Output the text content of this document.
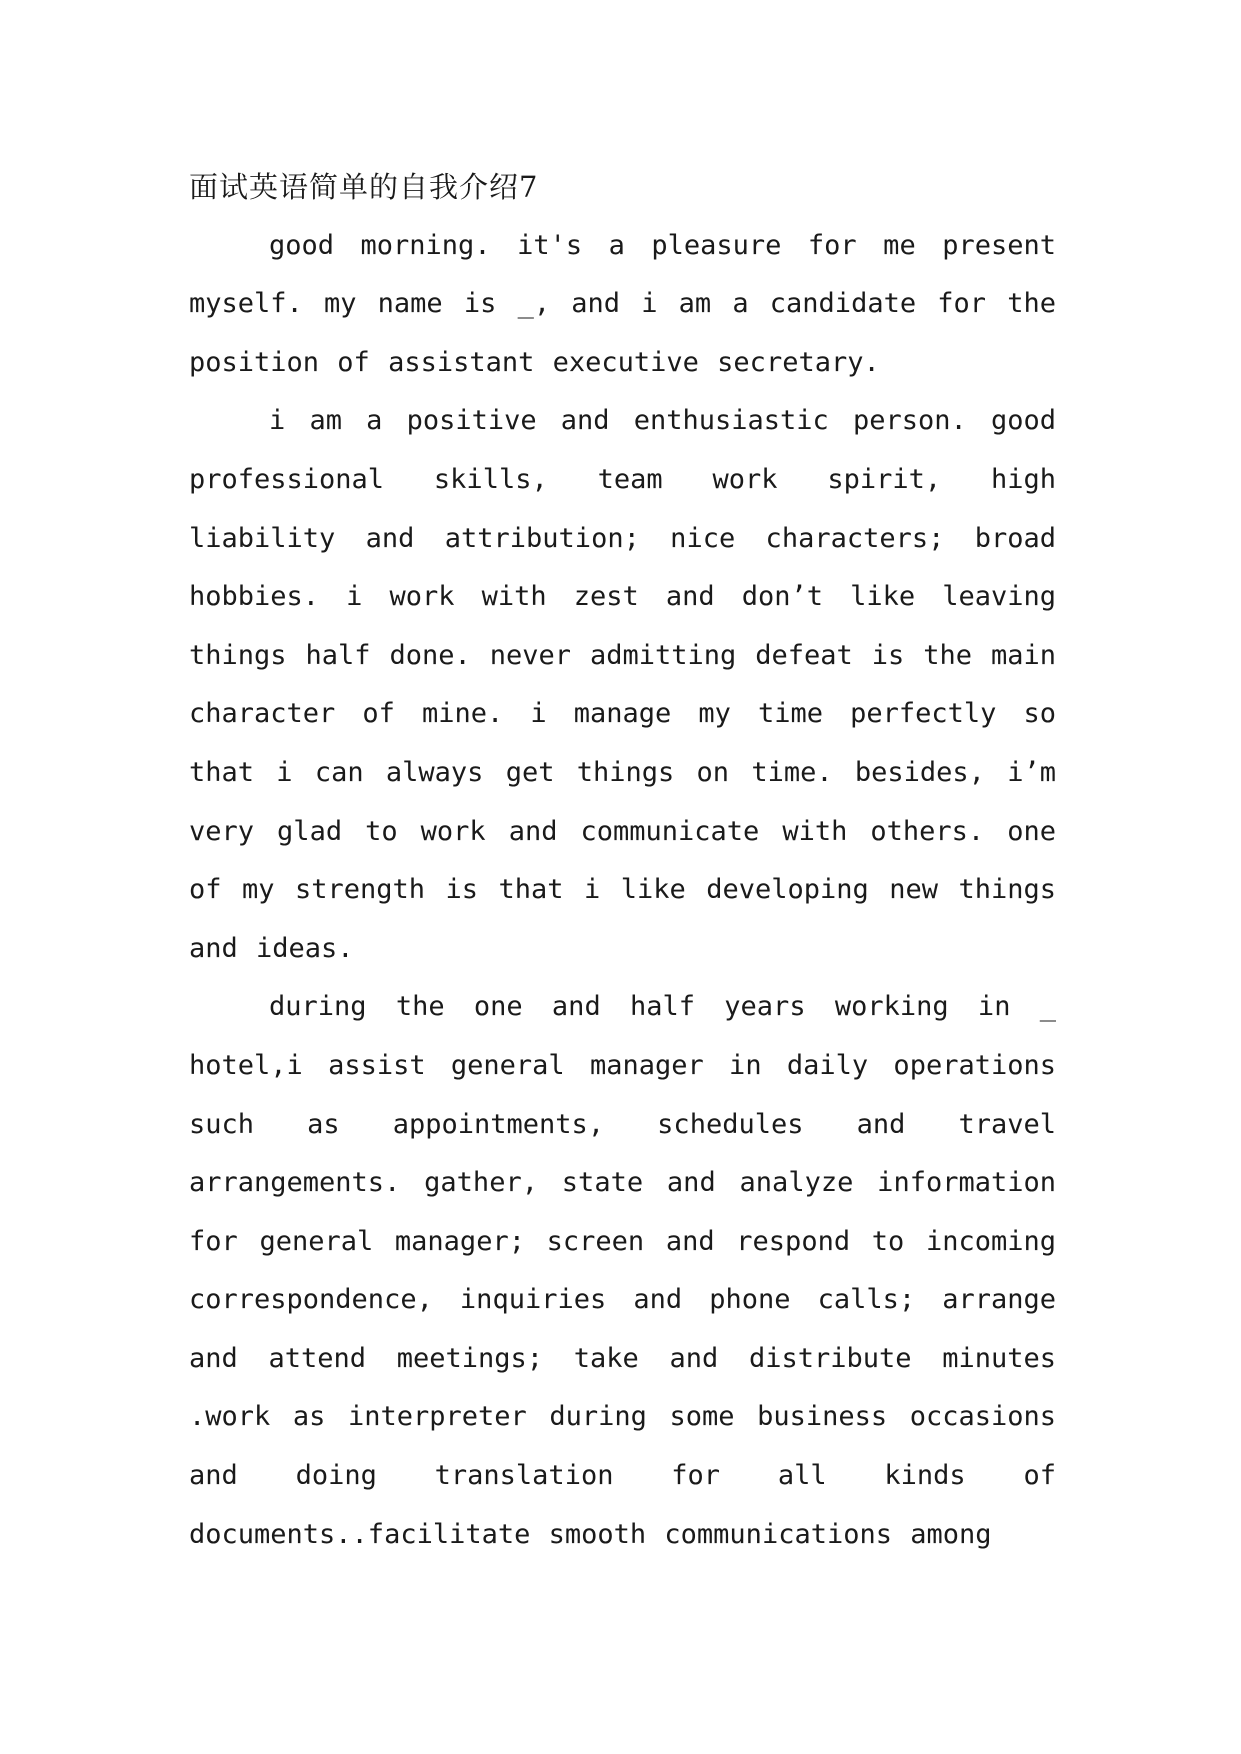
面试英语简单的自我介绍7

good morning. it's a pleasure for me present myself. my name is _, and i am a candidate for the position of assistant executive secretary.

i am a positive and enthusiastic person. good professional skills, team work spirit, high liability and attribution; nice characters; broad hobbies. i work with zest and don’t like leaving things half done. never admitting defeat is the main character of mine. i manage my time perfectly so that i can always get things on time. besides, i’m very glad to work and communicate with others. one of my strength is that i like developing new things and ideas.

during the one and half years working in _ hotel,i assist general manager in daily operations such as appointments, schedules and travel arrangements. gather, state and analyze information for general manager; screen and respond to incoming correspondence, inquiries and phone calls; arrange and attend meetings; take and distribute minutes .work as interpreter during some business occasions and doing translation for all kinds of documents..facilitate smooth communications among
